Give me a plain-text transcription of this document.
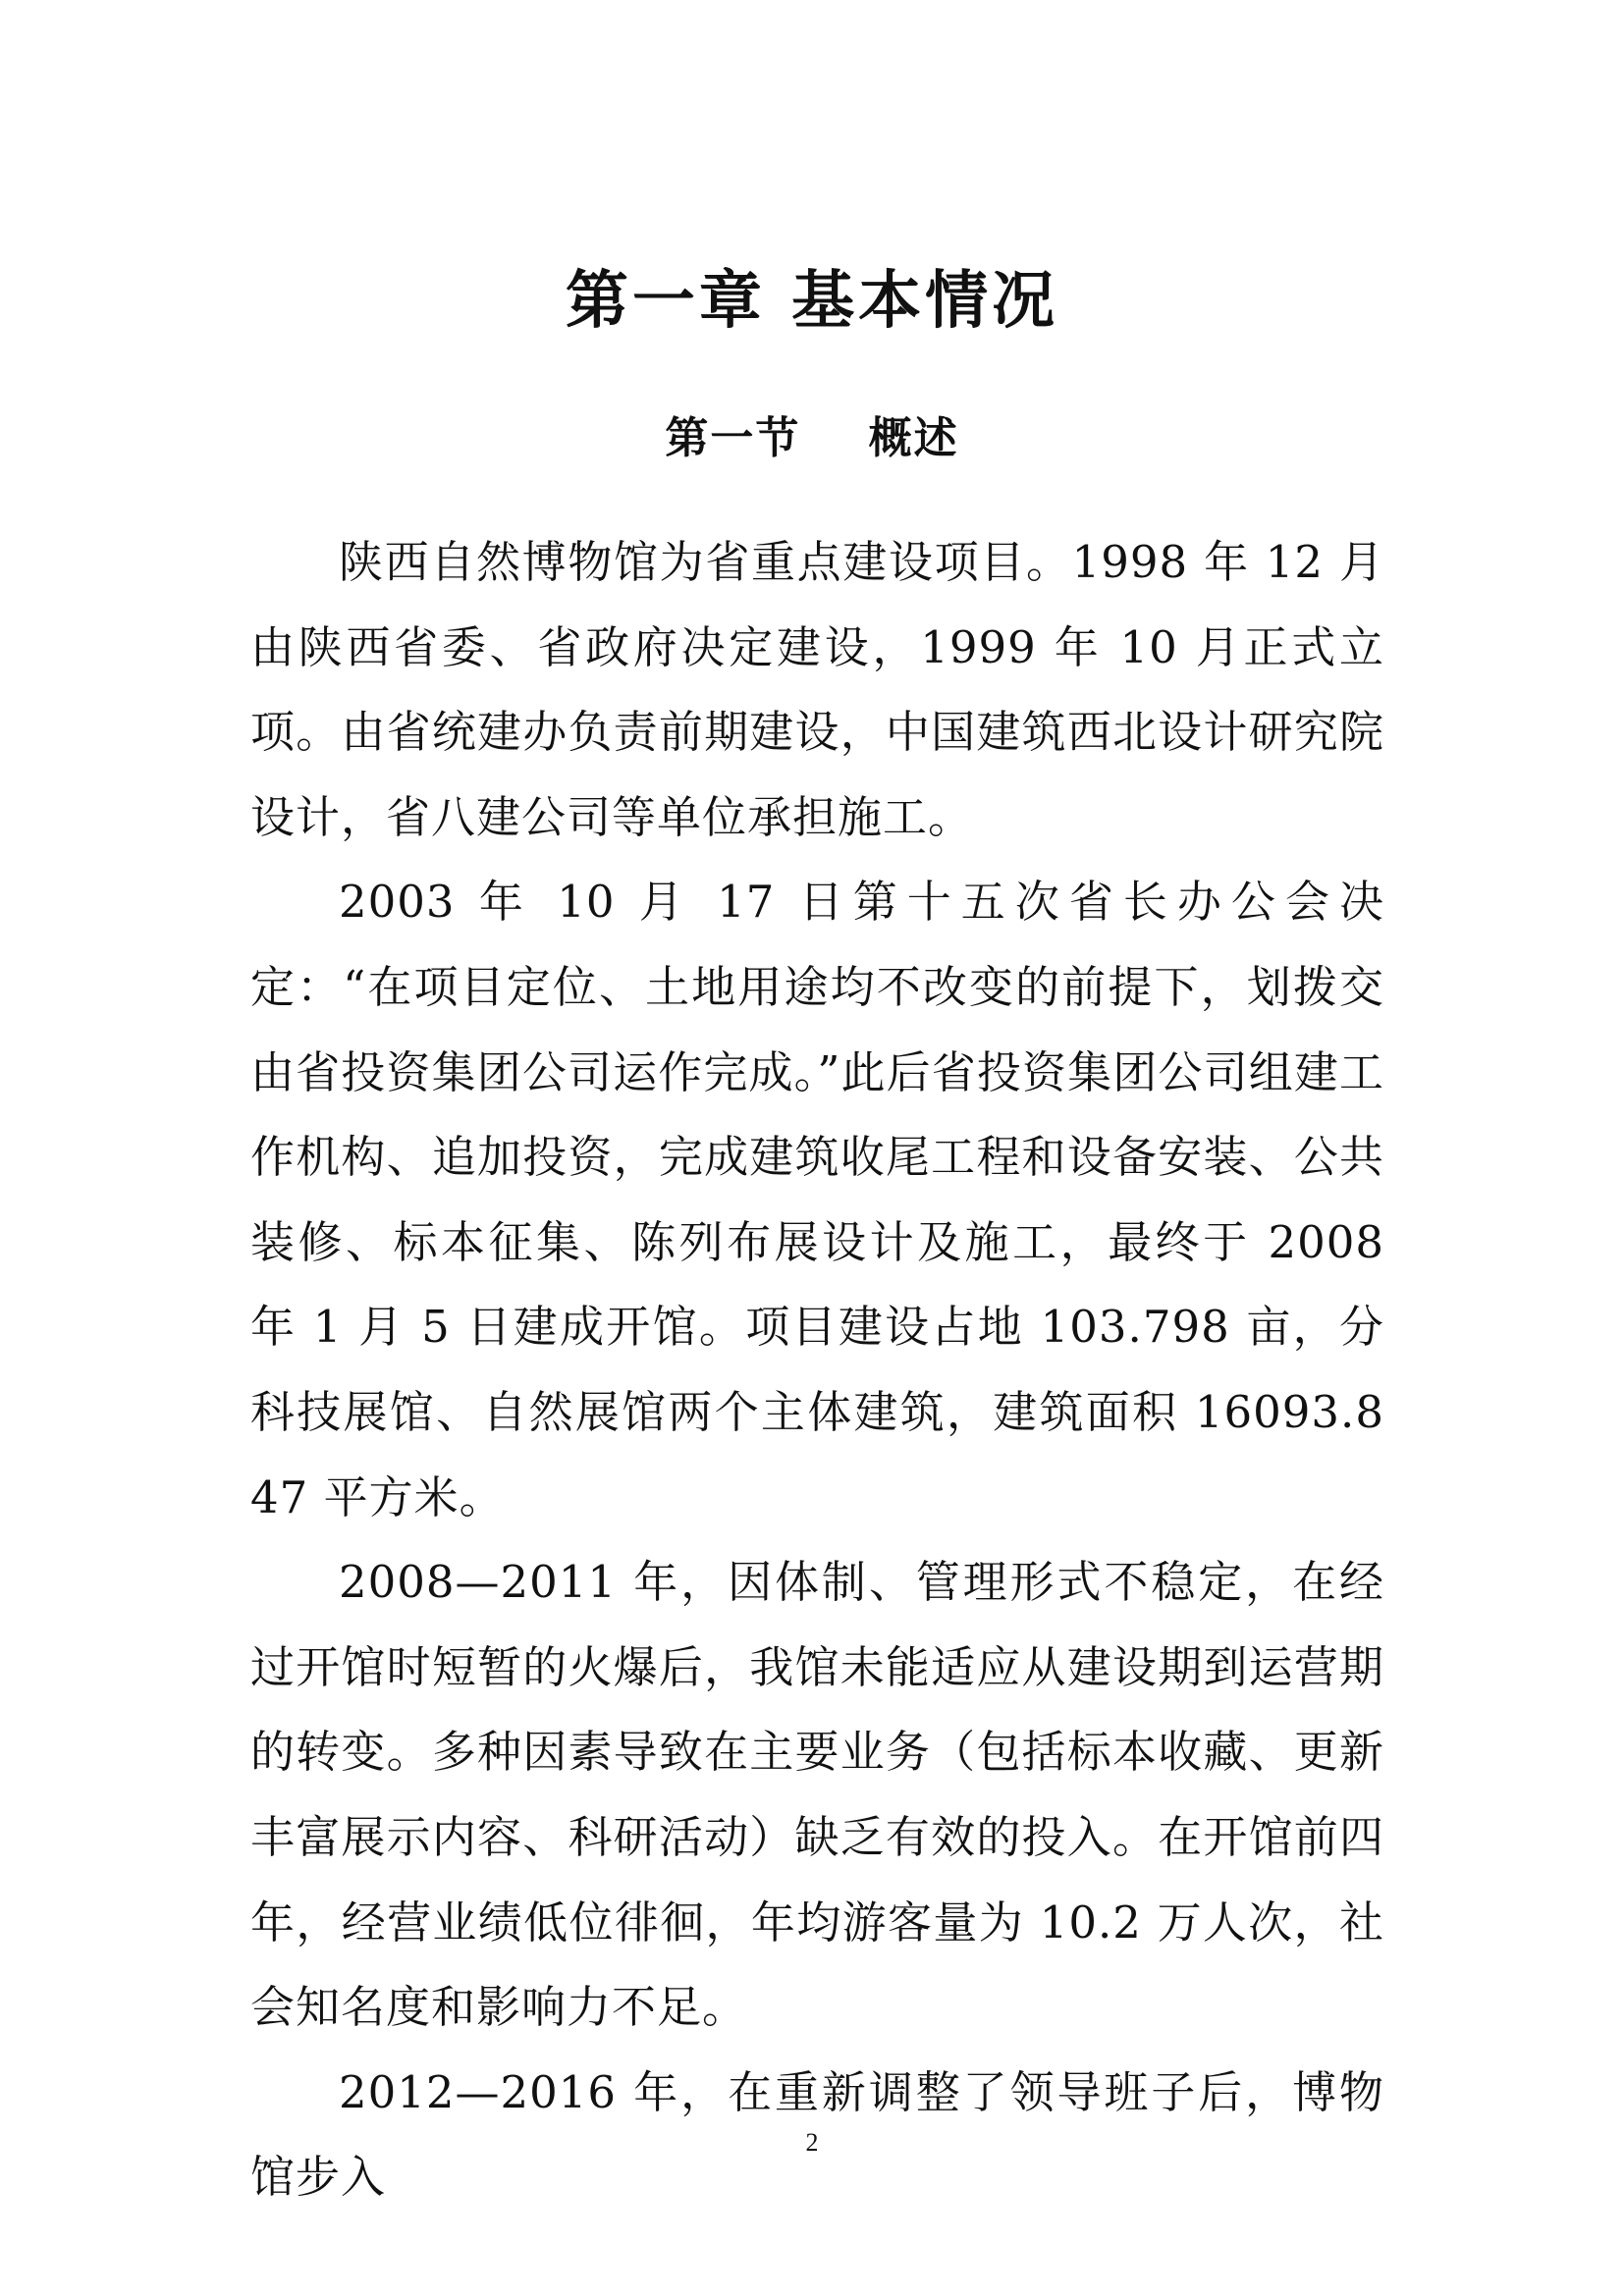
第一章 基本情况
第一节    概述

陕西自然博物馆为省重点建设项目。1998 年 12 月由陕西省委、省政府决定建设，1999 年 10 月正式立项。由省统建办负责前期建设，中国建筑西北设计研究院设计，省八建公司等单位承担施工。

2003 年 10 月 17 日第十五次省长办公会决定：“在项目定位、土地用途均不改变的前提下，划拨交由省投资集团公司运作完成。”此后省投资集团公司组建工作机构、追加投资，完成建筑收尾工程和设备安装、公共装修、标本征集、陈列布展设计及施工，最终于 2008 年 1 月 5 日建成开馆。项目建设占地 103.798 亩，分科技展馆、自然展馆两个主体建筑，建筑面积 16093.847 平方米。

2008—2011 年，因体制、管理形式不稳定，在经过开馆时短暂的火爆后，我馆未能适应从建设期到运营期的转变。多种因素导致在主要业务（包括标本收藏、更新丰富展示内容、科研活动）缺乏有效的投入。在开馆前四年，经营业绩低位徘徊，年均游客量为 10.2 万人次，社会知名度和影响力不足。

2012—2016 年，在重新调整了领导班子后，博物馆步入

2
